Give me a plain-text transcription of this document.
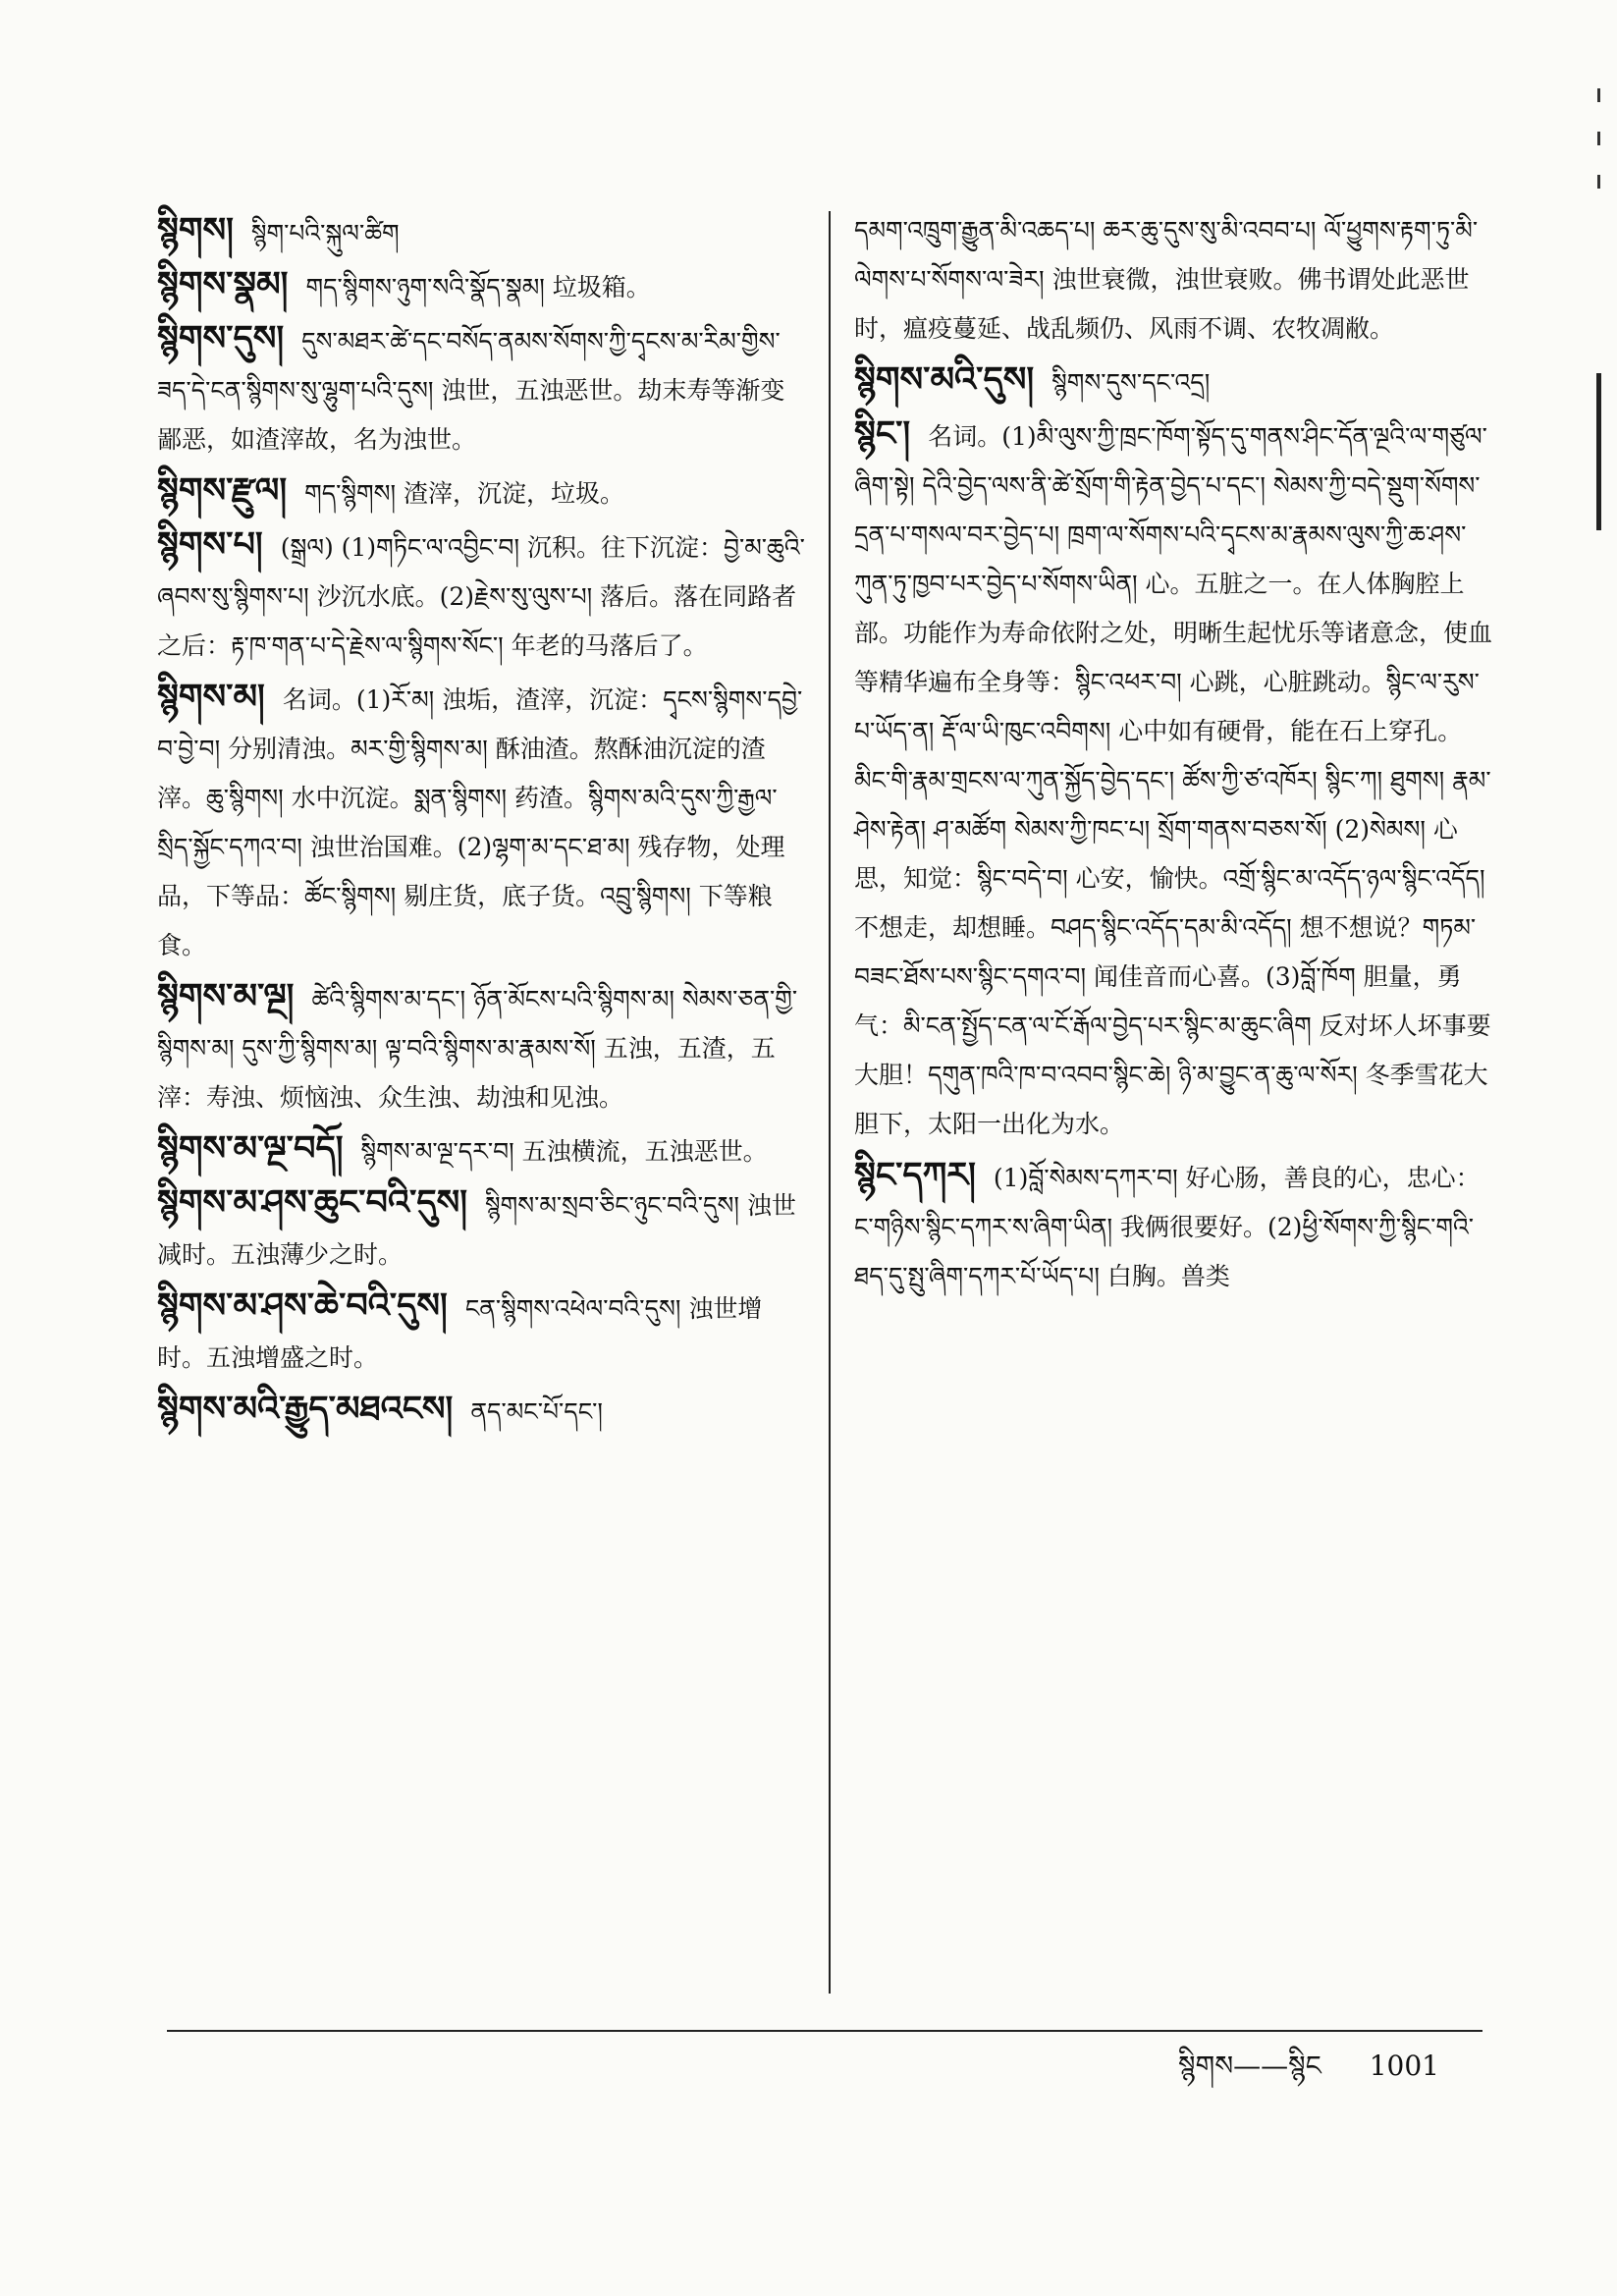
སྙིགས། སྙིག་པའི་སྐུལ་ཚིག
སྙིགས་སྣམ། གད་སྙིགས་ཉུག་སའི་སྣོད་སྣམ། 垃圾箱。
སྙིགས་དུས། དུས་མཐར་ཚེ་དང་བསོད་ནམས་སོགས་ཀྱི་དྭངས་མ་རིམ་གྱིས་ཟད་དེ་ངན་སྙིགས་སུ་ལྷུག་པའི་དུས། 浊世，五浊恶世。劫末寿等渐变鄙恶，如渣滓故，名为浊世。
སྙིགས་རྫུལ། གད་སྙིགས། 渣滓，沉淀，垃圾。
སྙིགས་པ། (སྒྲལ) (1)གཏིང་ལ་འབྱིང་བ། 沉积。往下沉淀：བྱེ་མ་ཆུའི་ཞབས་སུ་སྙིགས་པ། 沙沉水底。(2)རྗེས་སུ་ལུས་པ། 落后。落在同路者之后：རྟ་ཁ་གན་པ་དེ་རྗེས་ལ་སྙིགས་སོང་། 年老的马落后了。
སྙིགས་མ། 名词。(1)རོ་མ། 浊垢，渣滓，沉淀：དྭངས་སྙིགས་དབྱེ་བ་བྱེ་བ། 分别清浊。མར་གྱི་སྙིགས་མ། 酥油渣。熬酥油沉淀的渣滓。ཆུ་སྙིགས། 水中沉淀。སྨན་སྙིགས། 药渣。སྙིགས་མའི་དུས་ཀྱི་རྒྱལ་སྲིད་སྐྱོང་དཀའ་བ། 浊世治国难。(2)ལྷག་མ་དང་ཐ་མ། 残存物，处理品，下等品：ཚོང་སྙིགས། 剔庄货，底子货。འབྲུ་སྙིགས། 下等粮食。
སྙིགས་མ་ལྔ། ཚེའི་སྙིགས་མ་དང་། ཉོན་མོངས་པའི་སྙིགས་མ། སེམས་ཅན་གྱི་སྙིགས་མ། དུས་ཀྱི་སྙིགས་མ། ལྟ་བའི་སྙིགས་མ་རྣམས་སོ། 五浊，五渣，五滓：寿浊、烦恼浊、众生浊、劫浊和见浊。
སྙིགས་མ་ལྔ་བདོ། སྙིགས་མ་ལྔ་དར་བ། 五浊横流，五浊恶世。
སྙིགས་མ་ཤས་ཆུང་བའི་དུས། སྙིགས་མ་སྲབ་ཅིང་ཉུང་བའི་དུས། 浊世减时。五浊薄少之时。
སྙིགས་མ་ཤས་ཆེ་བའི་དུས། ངན་སྙིགས་འཕེལ་བའི་དུས། 浊世增时。五浊增盛之时。
སྙིགས་མའི་རྒྱུད་མཐའངས། ནད་མང་པོ་དང་།
དམག་འཁྲུག་རྒྱུན་མི་འཆད་པ། ཆར་ཆུ་དུས་སུ་མི་འབབ་པ། ལོ་ཕྱུགས་རྟག་ཏུ་མི་ལེགས་པ་སོགས་ལ་ཟེར། 浊世衰微，浊世衰败。佛书谓处此恶世时，瘟疫蔓延、战乱频仍、风雨不调、农牧凋敝。
སྙིགས་མའི་དུས། སྙིགས་དུས་དང་འདྲ།
སྙིང་། 名词。(1)མི་ལུས་ཀྱི་ཁྲང་ཁོག་སྟོད་དུ་གནས་ཤིང་དོན་ལྔའི་ལ་གཙུལ་ཞིག་སྟེ། དེའི་བྱེད་ལས་ནི་ཚེ་སྲོག་གི་རྟེན་བྱེད་པ་དང་། སེམས་ཀྱི་བདེ་སྡུག་སོགས་དྲན་པ་གསལ་བར་བྱེད་པ། ཁྲག་ལ་སོགས་པའི་དྭངས་མ་རྣམས་ལུས་ཀྱི་ཆ་ཤས་ཀུན་ཏུ་ཁྱབ་པར་བྱེད་པ་སོགས་ཡིན། 心。五脏之一。在人体胸腔上部。功能作为寿命依附之处，明晰生起忧乐等诸意念，使血等精华遍布全身等：སྙིང་འཕར་བ། 心跳，心脏跳动。སྙིང་ལ་རུས་པ་ཡོད་ན། རྡོ་ལ་ཡི་ཁུང་འབིགས། 心中如有硬骨，能在石上穿孔。མིང་གི་རྣམ་གྲངས་ལ་ཀུན་སྐྱོད་བྱེད་དང་། ཚོས་ཀྱི་ཙ་འཁོར། སྙིང་ཀ། ཐུགས། རྣམ་ཤེས་རྟེན། ཤ་མཚོག སེམས་ཀྱི་ཁང་པ། སྲོག་གནས་བཅས་སོ། (2)སེམས། 心思，知觉：སྙིང་བདེ་བ། 心安，愉快。འགྲོ་སྙིང་མ་འདོད་ཉལ་སྙིང་འདོད། 不想走，却想睡。བཤད་སྙིང་འདོད་དམ་མི་འདོད། 想不想说？གཏམ་བཟང་ཐོས་པས་སྙིང་དགའ་བ། 闻佳音而心喜。(3)བློ་ཁོག 胆量，勇气：མི་ངན་སྤྱོད་ངན་ལ་ངོ་རྒོལ་བྱེད་པར་སྙིང་མ་ཆུང་ཞིག 反对坏人坏事要大胆！དགུན་ཁའི་ཁ་བ་འབབ་སྙིང་ཆེ། ཉི་མ་བྱུང་ན་ཆུ་ལ་སོར། 冬季雪花大胆下，太阳一出化为水。
སྙིང་དཀར། (1)བློ་སེམས་དཀར་བ། 好心肠，善良的心，忠心：ང་གཉིས་སྙིང་དཀར་ས་ཞིག་ཡིན། 我俩很要好。(2)ཕྱི་སོགས་ཀྱི་སྙིང་གའི་ཐད་དུ་སྤུ་ཞིག་དཀར་པོ་ཡོད་པ། 白胸。兽类
སྙིགས——སྙིང 1001
